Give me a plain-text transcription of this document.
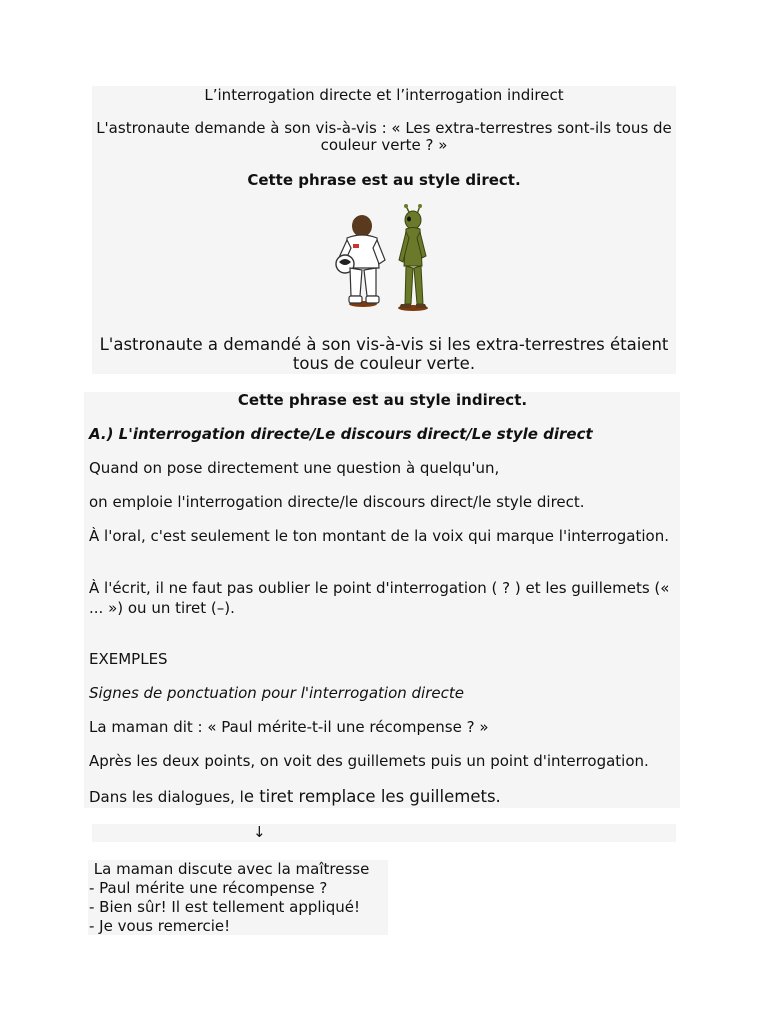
L’interrogation directe et l’interrogation indirect
L'astronaute demande à son vis-à-vis : « Les extra-terrestres sont-ils tous de couleur verte ? »
Cette phrase est au style direct.
L'astronaute a demandé à son vis-à-vis si les extra-terrestres étaient tous de couleur verte.
Cette phrase est au style indirect.
A.) L'interrogation directe/Le discours direct/Le style direct
Quand on pose directement une question à quelqu'un,
on emploie l'interrogation directe/le discours direct/le style direct.
À l'oral, c'est seulement le ton montant de la voix qui marque l'interrogation.
À l'écrit, il ne faut pas oublier le point d'interrogation ( ? ) et les guillemets (« ... ») ou un tiret (–).
EXEMPLES
Signes de ponctuation pour l'interrogation directe
La maman dit : « Paul mérite-t-il une récompense ? »
Après les deux points, on voit des guillemets puis un point d'interrogation.
Dans les dialogues, le tiret remplace les guillemets.
↓
La maman discute avec la maîtresse
- Paul mérite une récompense ?
- Bien sûr! Il est tellement appliqué!
- Je vous remercie!
